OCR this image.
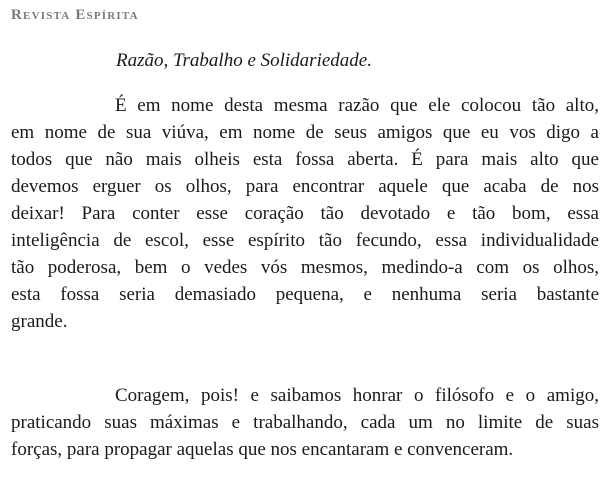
Revista Espírita
Razão, Trabalho e Solidariedade.

É em nome desta mesma razão que ele colocou tão alto,
em nome de sua viúva, em nome de seus amigos que eu vos digo a
todos que não mais olheis esta fossa aberta. É para mais alto que
devemos erguer os olhos, para encontrar aquele que acaba de nos
deixar! Para conter esse coração tão devotado e tão bom, essa
inteligência de escol, esse espírito tão fecundo, essa individualidade
tão poderosa, bem o vedes vós mesmos, medindo-a com os olhos,
esta fossa seria demasiado pequena, e nenhuma seria bastante
grande.

Coragem, pois! e saibamos honrar o filósofo e o amigo,
praticando suas máximas e trabalhando, cada um no limite de suas
forças, para propagar aquelas que nos encantaram e convenceram.
